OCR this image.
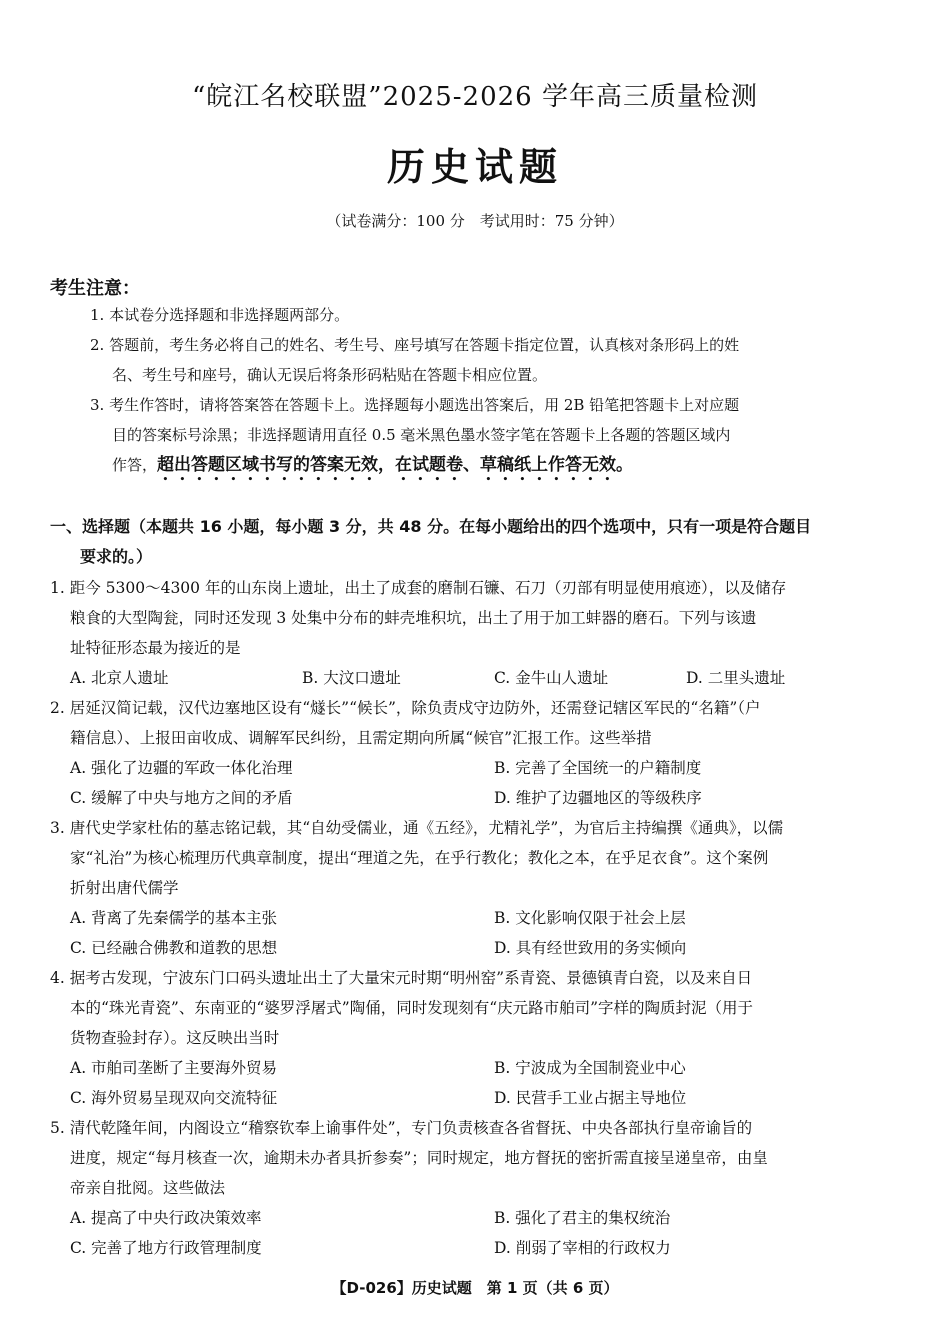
“皖江名校联盟”2025-2026 学年高三质量检测
历史试题
（试卷满分：100 分　考试用时：75 分钟）
考生注意：
1. 本试卷分选择题和非选择题两部分。
2. 答题前，考生务必将自己的姓名、考生号、座号填写在答题卡指定位置，认真核对条形码上的姓
名、考生号和座号，确认无误后将条形码粘贴在答题卡相应位置。
3. 考生作答时，请将答案答在答题卡上。选择题每小题选出答案后，用 2B 铅笔把答题卡上对应题
目的答案标号涂黑；非选择题请用直径 0.5 毫米黑色墨水签字笔在答题卡上各题的答题区域内
作答，超出答题区域书写的答案无效，在试题卷、草稿纸上作答无效。
一、选择题（本题共 16 小题，每小题 3 分，共 48 分。在每小题给出的四个选项中，只有一项是符合题目
要求的。）
1. 距今 5300～4300 年的山东岗上遗址，出土了成套的磨制石镰、石刀（刃部有明显使用痕迹），以及储存
粮食的大型陶瓮，同时还发现 3 处集中分布的蚌壳堆积坑，出土了用于加工蚌器的磨石。下列与该遗
址特征形态最为接近的是
A. 北京人遗址	B. 大汶口遗址	C. 金牛山人遗址	D. 二里头遗址
2. 居延汉简记载，汉代边塞地区设有“燧长”“候长”，除负责戍守边防外，还需登记辖区军民的“名籍”（户
籍信息）、上报田亩收成、调解军民纠纷，且需定期向所属“候官”汇报工作。这些举措
A. 强化了边疆的军政一体化治理	B. 完善了全国统一的户籍制度
C. 缓解了中央与地方之间的矛盾	D. 维护了边疆地区的等级秩序
3. 唐代史学家杜佑的墓志铭记载，其“自幼受儒业，通《五经》，尤精礼学”，为官后主持编撰《通典》，以儒
家“礼治”为核心梳理历代典章制度，提出“理道之先，在乎行教化；教化之本，在乎足衣食”。这个案例
折射出唐代儒学
A. 背离了先秦儒学的基本主张	B. 文化影响仅限于社会上层
C. 已经融合佛教和道教的思想	D. 具有经世致用的务实倾向
4. 据考古发现，宁波东门口码头遗址出土了大量宋元时期“明州窑”系青瓷、景德镇青白瓷，以及来自日
本的“珠光青瓷”、东南亚的“婆罗浮屠式”陶俑，同时发现刻有“庆元路市舶司”字样的陶质封泥（用于
货物查验封存）。这反映出当时
A. 市舶司垄断了主要海外贸易	B. 宁波成为全国制瓷业中心
C. 海外贸易呈现双向交流特征	D. 民营手工业占据主导地位
5. 清代乾隆年间，内阁设立“稽察钦奉上谕事件处”，专门负责核查各省督抚、中央各部执行皇帝谕旨的
进度，规定“每月核查一次，逾期未办者具折参奏”；同时规定，地方督抚的密折需直接呈递皇帝，由皇
帝亲自批阅。这些做法
A. 提高了中央行政决策效率	B. 强化了君主的集权统治
C. 完善了地方行政管理制度	D. 削弱了宰相的行政权力
【D-026】历史试题　第 1 页（共 6 页）
